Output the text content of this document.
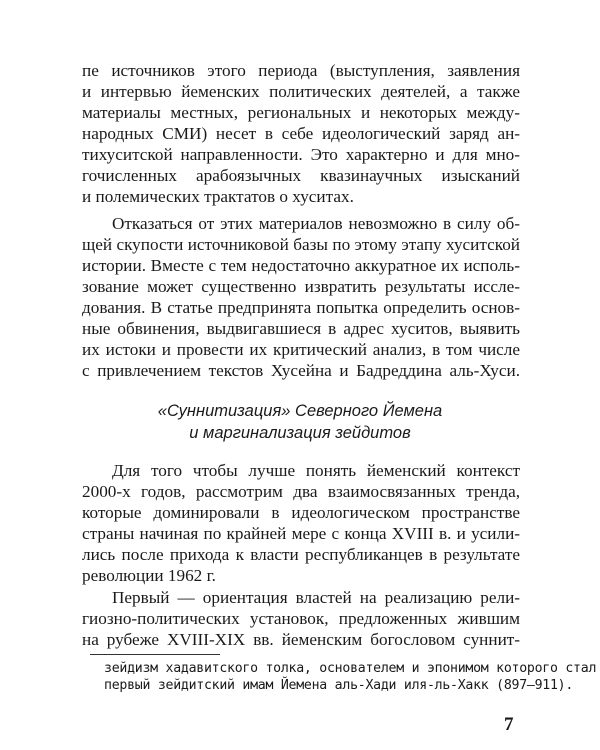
пе источников этого периода (выступления, заявления
и интервью йеменских политических деятелей, а также
материалы местных, региональных и некоторых между-
народных СМИ) несет в себе идеологический заряд ан-
тихуситской направленности. Это характерно и для мно-
гочисленных арабоязычных квазинаучных изысканий
и полемических трактатов о хуситах.
Отказаться от этих материалов невозможно в силу об-
щей скупости источниковой базы по этому этапу хуситской
истории. Вместе с тем недостаточно аккуратное их исполь-
зование может существенно извратить результаты иссле-
дования. В статье предпринята попытка определить основ-
ные обвинения, выдвигавшиеся в адрес хуситов, выявить
их истоки и провести их критический анализ, в том числе
с привлечением текстов Хусейна и Бадреддина аль-Хуси.
«Суннитизация» Северного Йемена
и маргинализация зейдитов
Для того чтобы лучше понять йеменский контекст
2000-х годов, рассмотрим два взаимосвязанных тренда,
которые доминировали в идеологическом пространстве
страны начиная по крайней мере с конца XVIII в. и усили-
лись после прихода к власти республиканцев в результате
революции 1962 г.
Первый — ориентация властей на реализацию рели-
гиозно-политических установок, предложенных жившим
на рубеже XVIII-XIX вв. йеменским богословом суннит-
зейдизм хадавитского толка, основателем и эпонимом которого стал
первый зейдитский имам Йемена аль-Хади иля-ль-Хакк (897–911).
7
